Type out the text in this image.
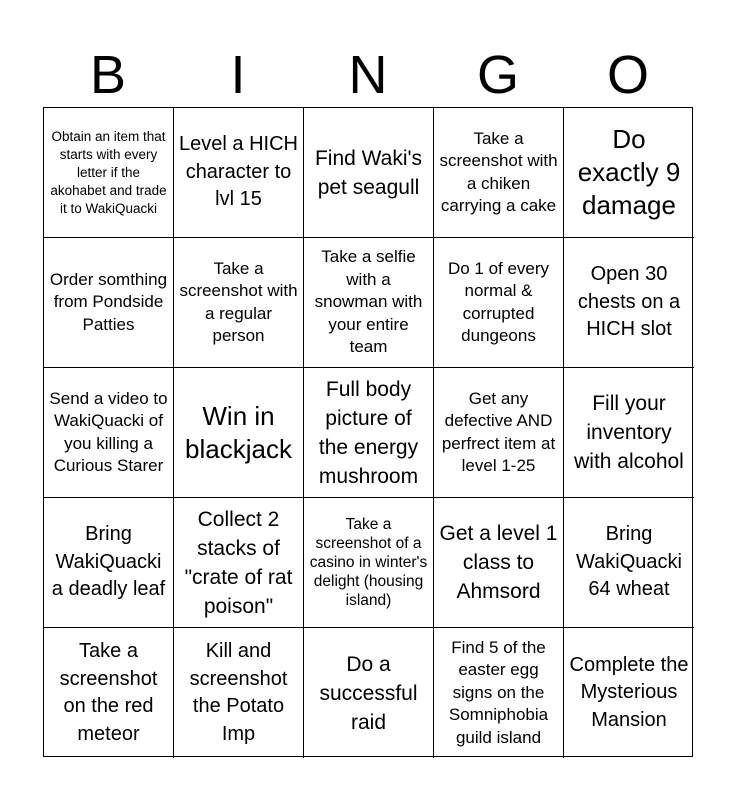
B	I	N	G	O
Obtain an item that starts with every letter if the akohabet and trade it to WakiQuacki
Level a HICH character to lvl 15
Find Waki's pet seagull
Take a screenshot with a chiken carrying a cake
Do exactly 9 damage
Order somthing from Pondside Patties
Take a screenshot with a regular person
Take a selfie with a snowman with your entire team
Do 1 of every normal & corrupted dungeons
Open 30 chests on a HICH slot
Send a video to WakiQuacki of you killing a Curious Starer
Win in blackjack
Full body picture of the energy mushroom
Get any defective AND perfrect item at level 1-25
Fill your inventory with alcohol
Bring WakiQuacki a deadly leaf
Collect 2 stacks of "crate of rat poison"
Take a screenshot of a casino in winter's delight (housing island)
Get a level 1 class to Ahmsord
Bring WakiQuacki 64 wheat
Take a screenshot on the red meteor
Kill and screenshot the Potato Imp
Do a successful raid
Find 5 of the easter egg signs on the Somniphobia guild island
Complete the Mysterious Mansion
